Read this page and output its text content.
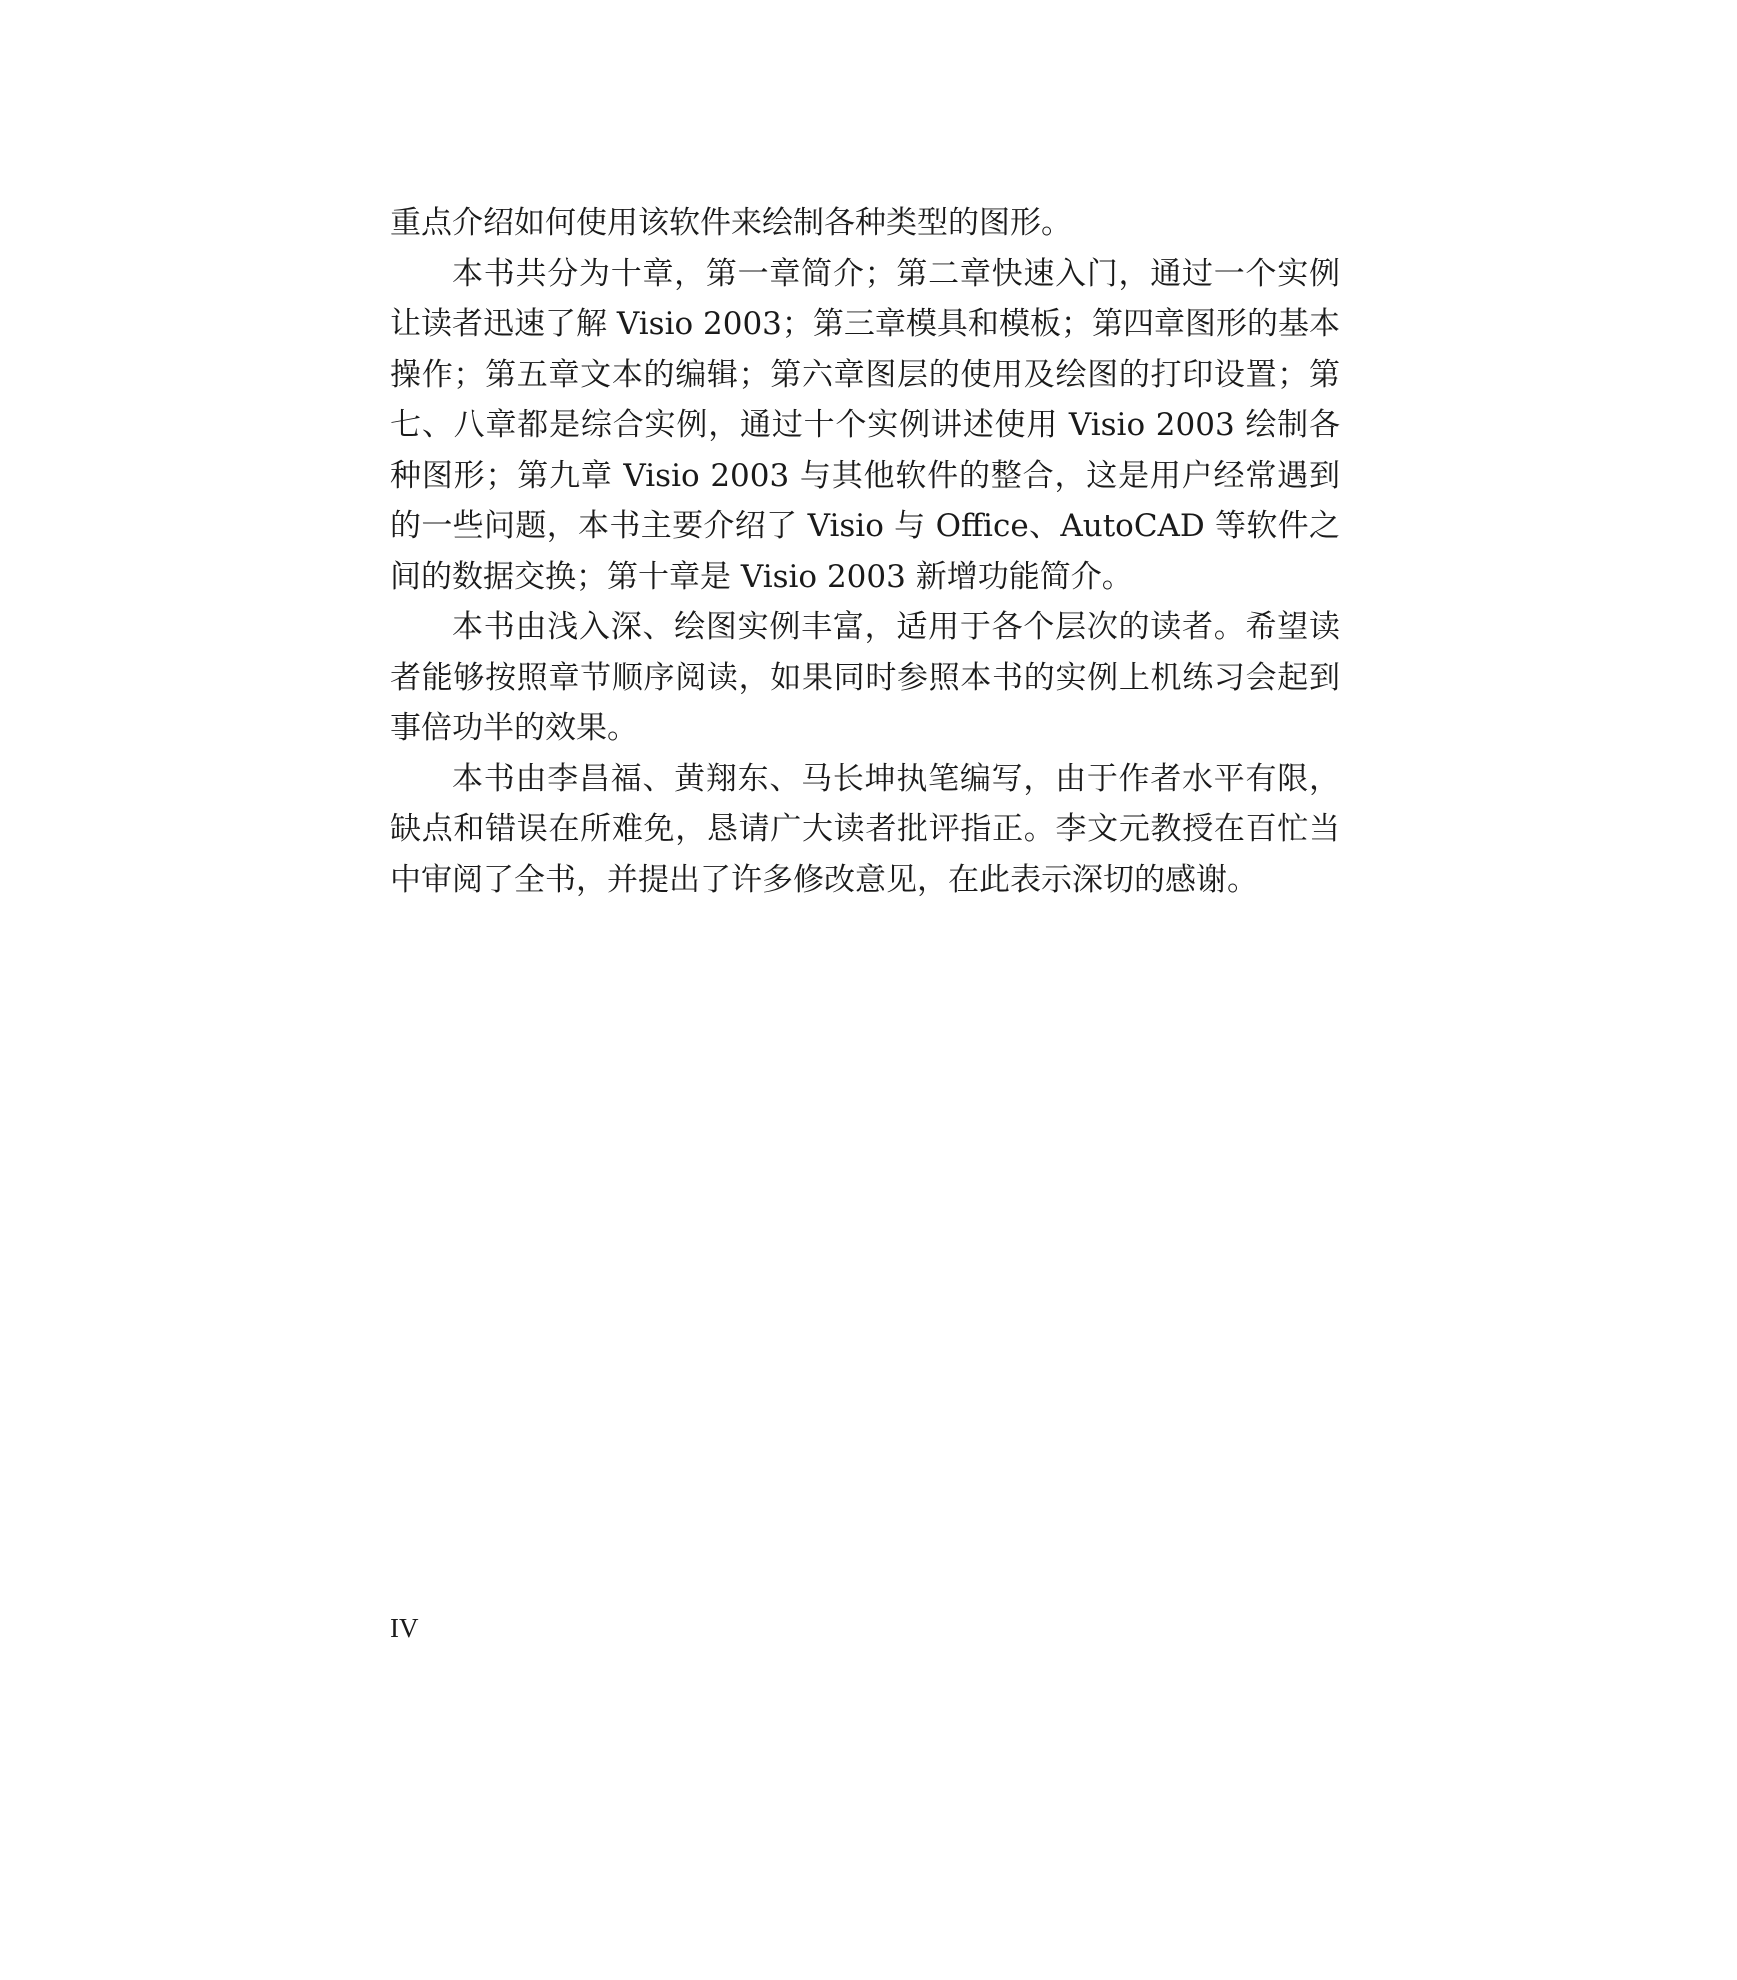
重点介绍如何使用该软件来绘制各种类型的图形。

本书共分为十章，第一章简介；第二章快速入门，通过一个实例让读者迅速了解 Visio 2003；第三章模具和模板；第四章图形的基本操作；第五章文本的编辑；第六章图层的使用及绘图的打印设置；第七、八章都是综合实例，通过十个实例讲述使用 Visio 2003 绘制各种图形；第九章 Visio 2003 与其他软件的整合，这是用户经常遇到的一些问题，本书主要介绍了 Visio 与 Office、AutoCAD 等软件之间的数据交换；第十章是 Visio 2003 新增功能简介。

本书由浅入深、绘图实例丰富，适用于各个层次的读者。希望读者能够按照章节顺序阅读，如果同时参照本书的实例上机练习会起到事倍功半的效果。

本书由李昌福、黄翔东、马长坤执笔编写，由于作者水平有限，缺点和错误在所难免，恳请广大读者批评指正。李文元教授在百忙当中审阅了全书，并提出了许多修改意见，在此表示深切的感谢。

IV
